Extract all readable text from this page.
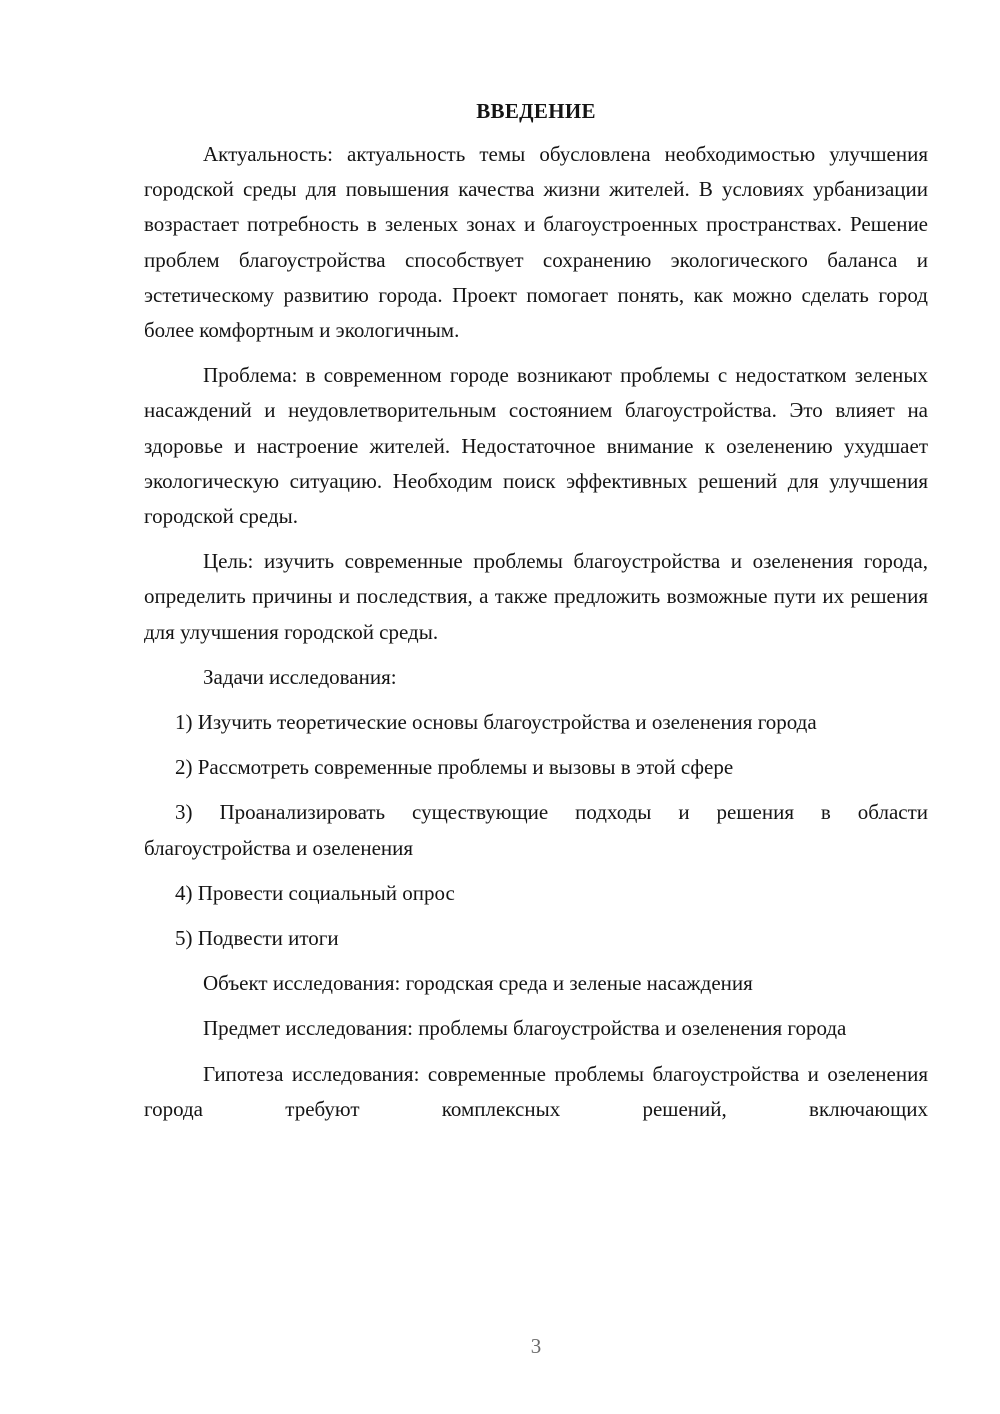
ВВЕДЕНИЕ

Актуальность: актуальность темы обусловлена необходимостью улучшения городской среды для повышения качества жизни жителей. В условиях урбанизации возрастает потребность в зеленых зонах и благоустроенных пространствах. Решение проблем благоустройства способствует сохранению экологического баланса и эстетическому развитию города. Проект помогает понять, как можно сделать город более комфортным и экологичным.

Проблема: в современном городе возникают проблемы с недостатком зеленых насаждений и неудовлетворительным состоянием благоустройства. Это влияет на здоровье и настроение жителей. Недостаточное внимание к озеленению ухудшает экологическую ситуацию. Необходим поиск эффективных решений для улучшения городской среды.

Цель: изучить современные проблемы благоустройства и озеленения города, определить причины и последствия, а также предложить возможные пути их решения для улучшения городской среды.

Задачи исследования:

1) Изучить теоретические основы благоустройства и озеленения города

2) Рассмотреть современные проблемы и вызовы в этой сфере

3) Проанализировать существующие подходы и решения в области благоустройства и озеленения

4) Провести социальный опрос

5) Подвести итоги

Объект исследования: городская среда и зеленые насаждения

Предмет исследования: проблемы благоустройства и озеленения города

Гипотеза исследования: современные проблемы благоустройства и озеленения города требуют комплексных решений, включающих

3
